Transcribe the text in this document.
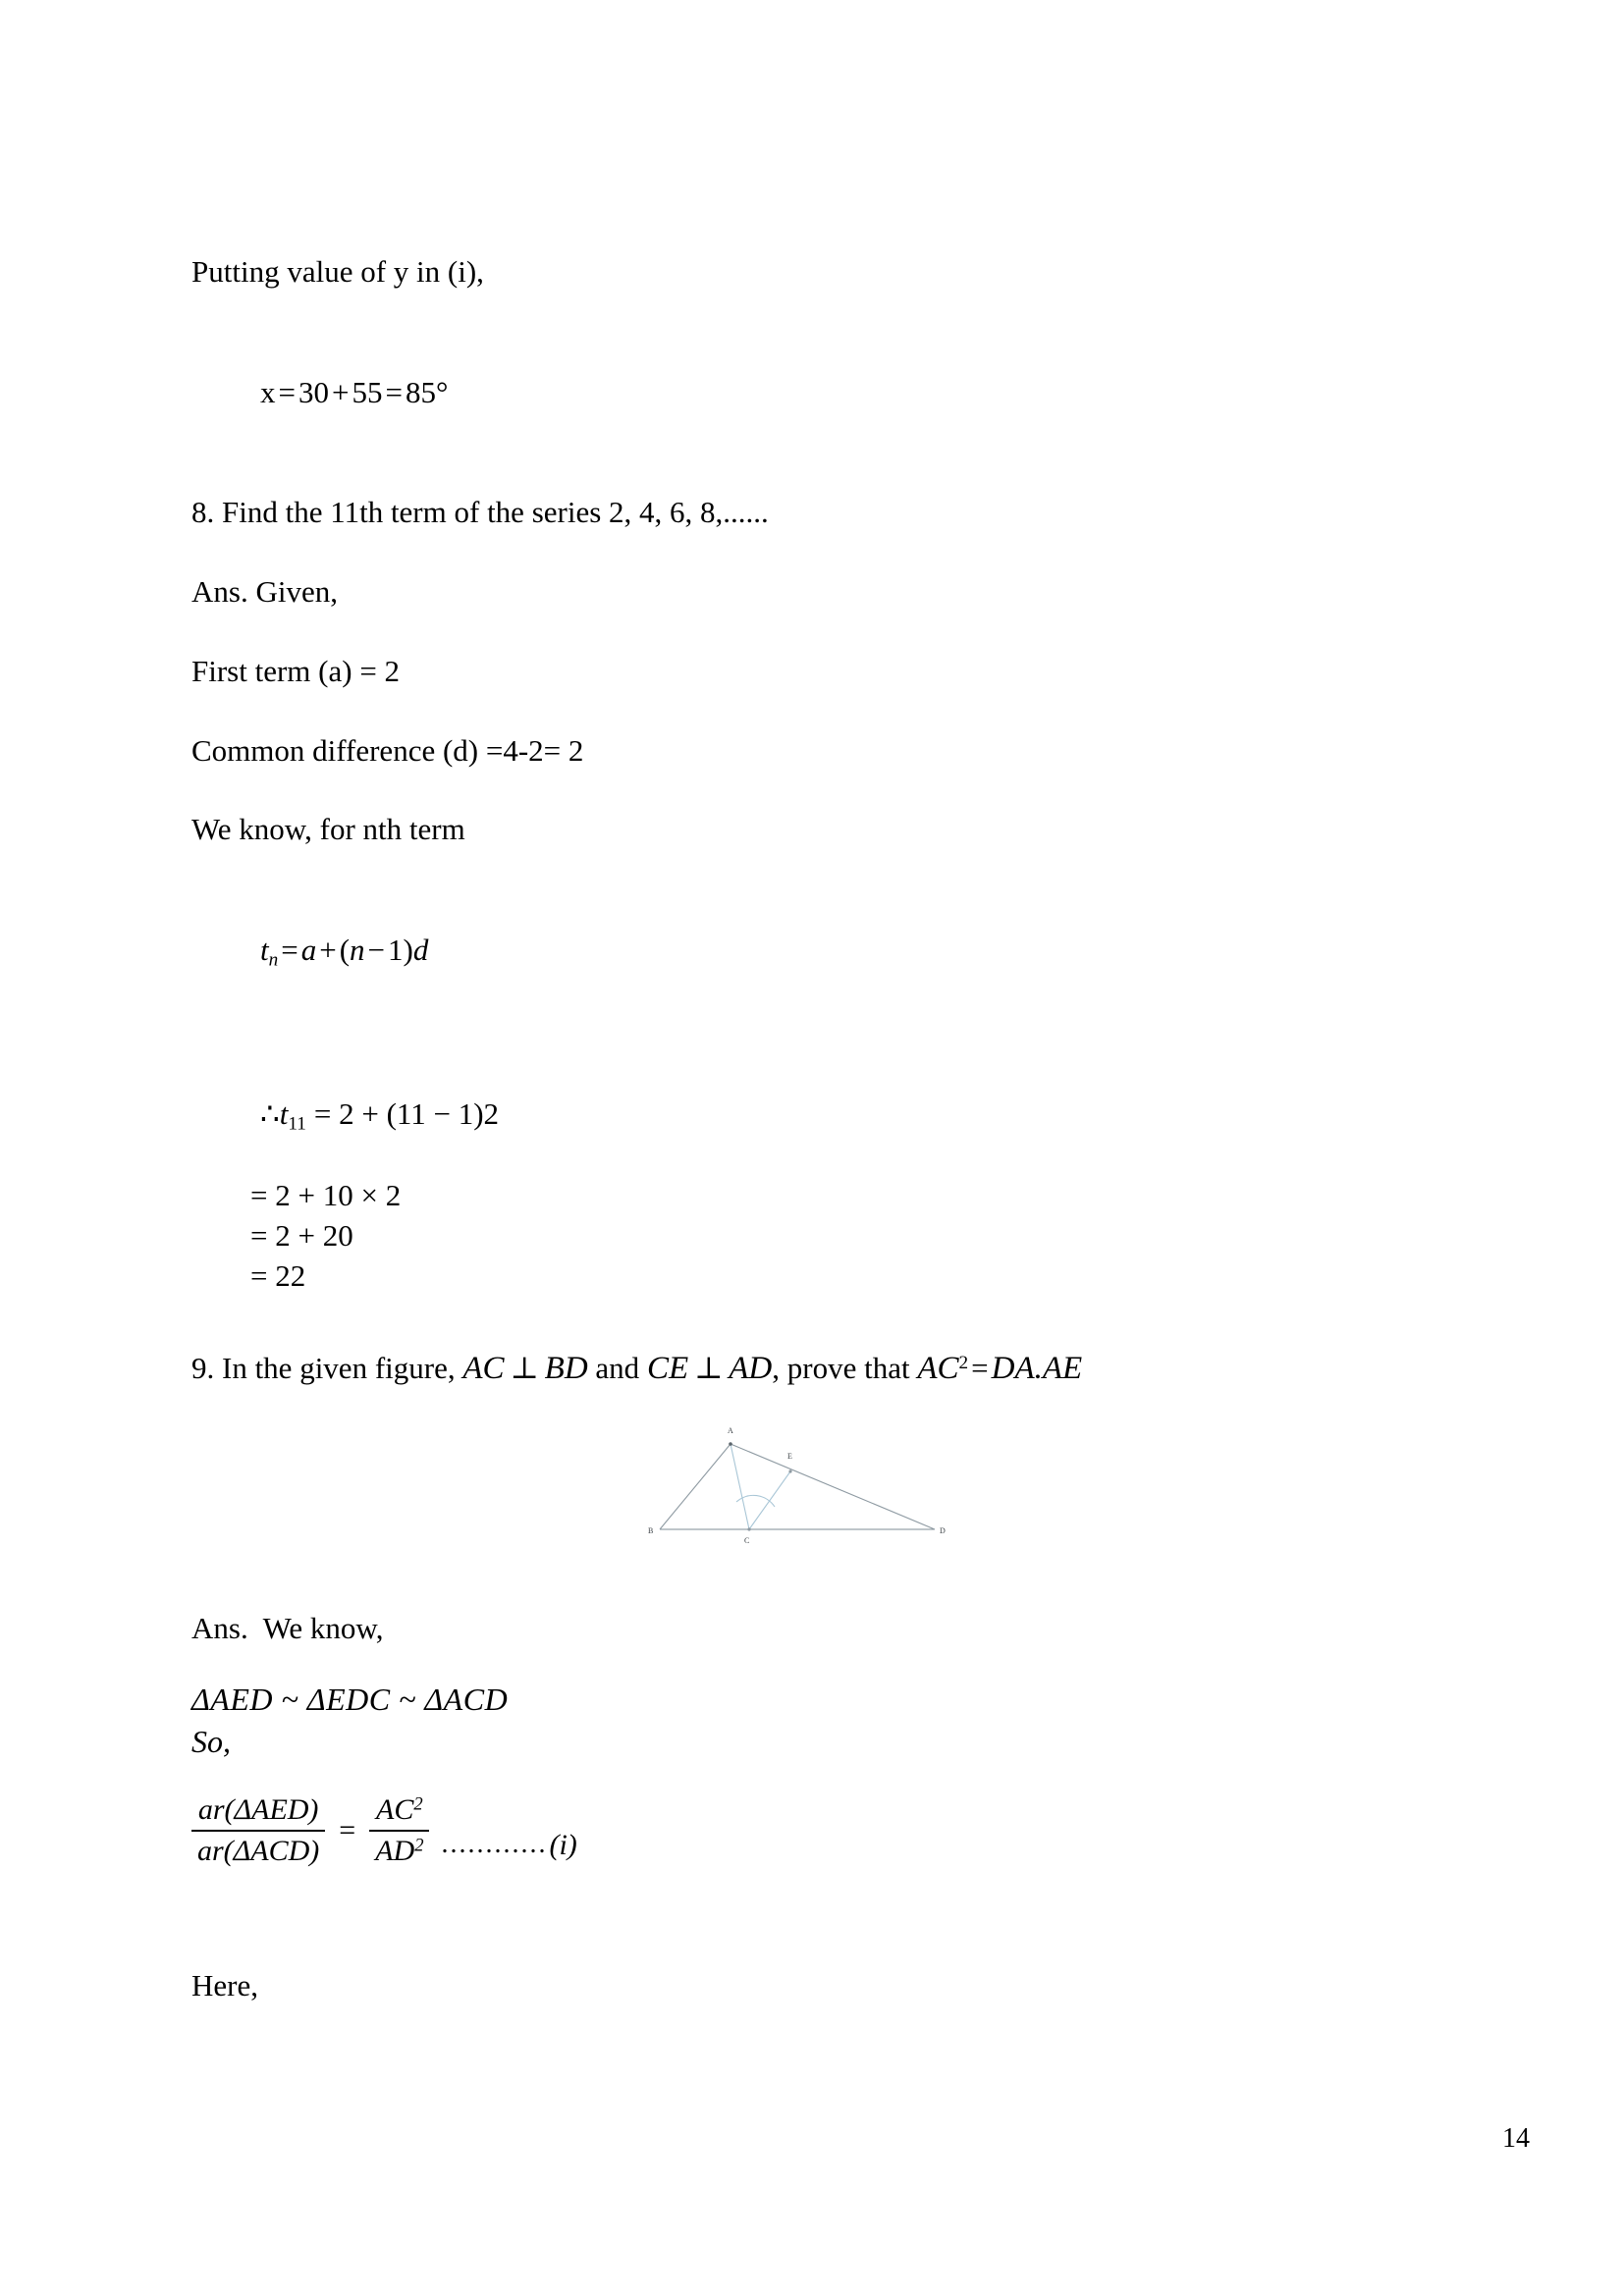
Putting value of y in (i),

x=30+55=85°

8. Find the 11th term of the series 2, 4, 6, 8,......

Ans. Given,

First term (a) = 2

Common difference (d) =4-2= 2

We know, for nth term

$t_n=a+(n-1)d$

$\therefore t_{11} = 2 + (11 - 1)2$

= 2 + 10 × 2
= 2 + 20
= 22

9. In the given figure, AC ⊥ BD and CE ⊥ AD, prove that $AC^2=DA.AE$

A
B
C
D
E

Ans.  We know,

ΔAED ~ ΔEDC ~ ΔACD

So,

$\frac{\text{ar(ΔAED)}}{\text{ar(ΔACD)}} = \frac{AC^2}{AD^2}$ ............ (i)

Here,

14
